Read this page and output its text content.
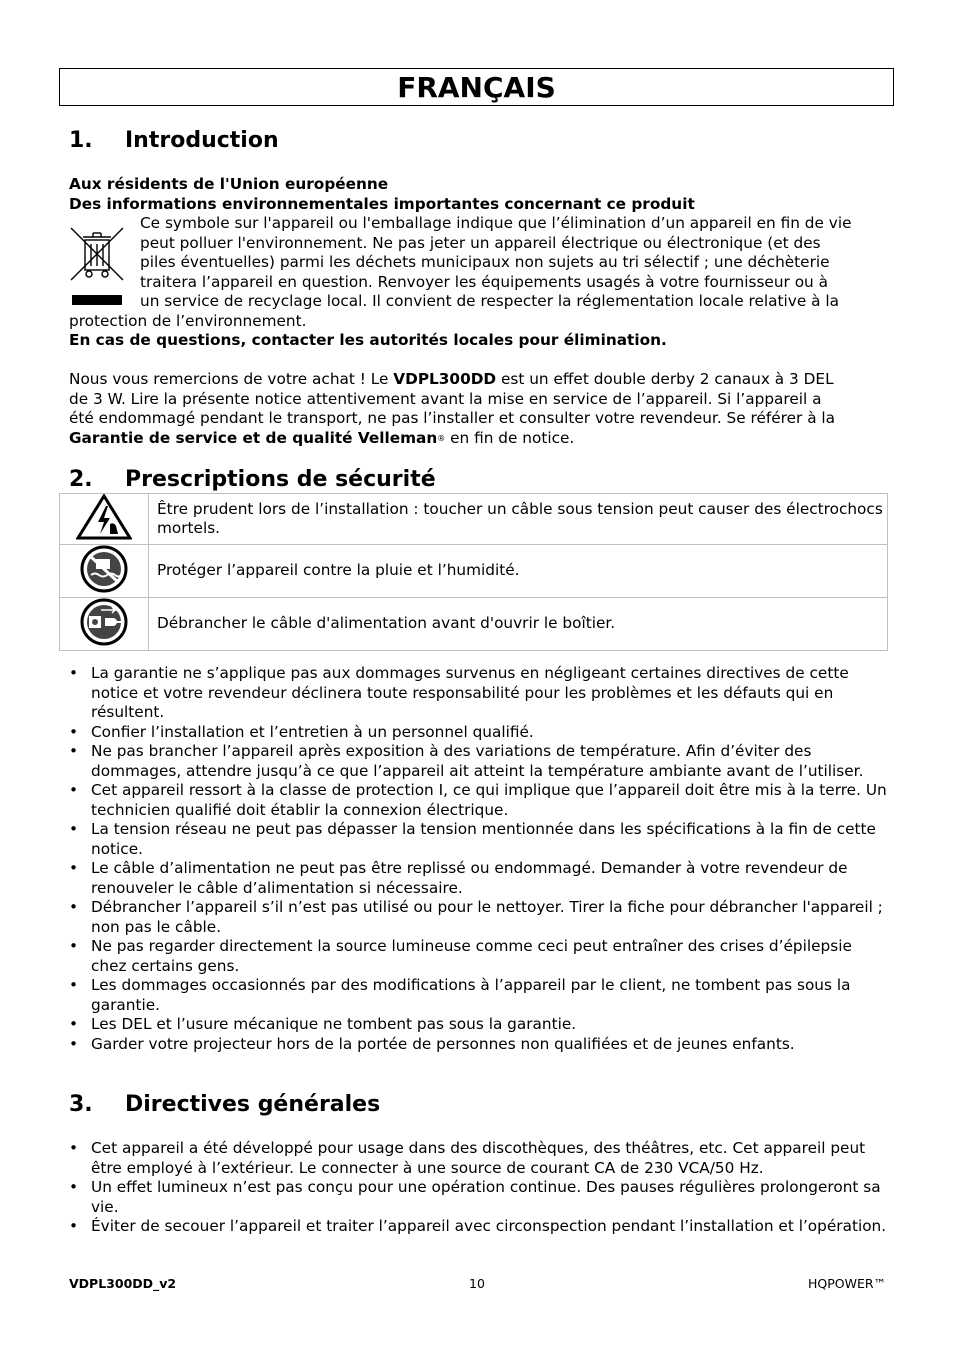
FRANÇAIS
1. Introduction
Aux résidents de l'Union européenne
Des informations environnementales importantes concernant ce produit
Ce symbole sur l'appareil ou l'emballage indique que l’élimination d’un appareil en fin de vie
peut polluer l'environnement. Ne pas jeter un appareil électrique ou électronique (et des
piles éventuelles) parmi les déchets municipaux non sujets au tri sélectif ; une déchèterie
traitera l’appareil en question. Renvoyer les équipements usagés à votre fournisseur ou à
un service de recyclage local. Il convient de respecter la réglementation locale relative à la
protection de l’environnement.
En cas de questions, contacter les autorités locales pour élimination.
Nous vous remercions de votre achat ! Le VDPL300DD est un effet double derby 2 canaux à 3 DEL
de 3 W. Lire la présente notice attentivement avant la mise en service de l’appareil. Si l’appareil a
été endommagé pendant le transport, ne pas l’installer et consulter votre revendeur. Se référer à la
Garantie de service et de qualité Velleman® en fin de notice.
2. Prescriptions de sécurité
	Être prudent lors de l’installation : toucher un câble sous tension peut causer des électrochocs mortels.
	Protéger l’appareil contre la pluie et l’humidité.
	Débrancher le câble d'alimentation avant d'ouvrir le boîtier.
• La garantie ne s’applique pas aux dommages survenus en négligeant certaines directives de cette notice et votre revendeur déclinera toute responsabilité pour les problèmes et les défauts qui en résultent.
• Confier l’installation et l’entretien à un personnel qualifié.
• Ne pas brancher l’appareil après exposition à des variations de température. Afin d’éviter des dommages, attendre jusqu’à ce que l’appareil ait atteint la température ambiante avant de l’utiliser.
• Cet appareil ressort à la classe de protection I, ce qui implique que l’appareil doit être mis à la terre. Un technicien qualifié doit établir la connexion électrique.
• La tension réseau ne peut pas dépasser la tension mentionnée dans les spécifications à la fin de cette notice.
• Le câble d’alimentation ne peut pas être replissé ou endommagé. Demander à votre revendeur de renouveler le câble d’alimentation si nécessaire.
• Débrancher l’appareil s’il n’est pas utilisé ou pour le nettoyer. Tirer la fiche pour débrancher l'appareil ; non pas le câble.
• Ne pas regarder directement la source lumineuse comme ceci peut entraîner des crises d’épilepsie chez certains gens.
• Les dommages occasionnés par des modifications à l’appareil par le client, ne tombent pas sous la garantie.
• Les DEL et l’usure mécanique ne tombent pas sous la garantie.
• Garder votre projecteur hors de la portée de personnes non qualifiées et de jeunes enfants.
3. Directives générales
• Cet appareil a été développé pour usage dans des discothèques, des théâtres, etc. Cet appareil peut être employé à l’extérieur. Le connecter à une source de courant CA de 230 VCA/50 Hz.
• Un effet lumineux n’est pas conçu pour une opération continue. Des pauses régulières prolongeront sa vie.
• Éviter de secouer l’appareil et traiter l’appareil avec circonspection pendant l’installation et l’opération.
VDPL300DD_v2	10	HQPOWER™
